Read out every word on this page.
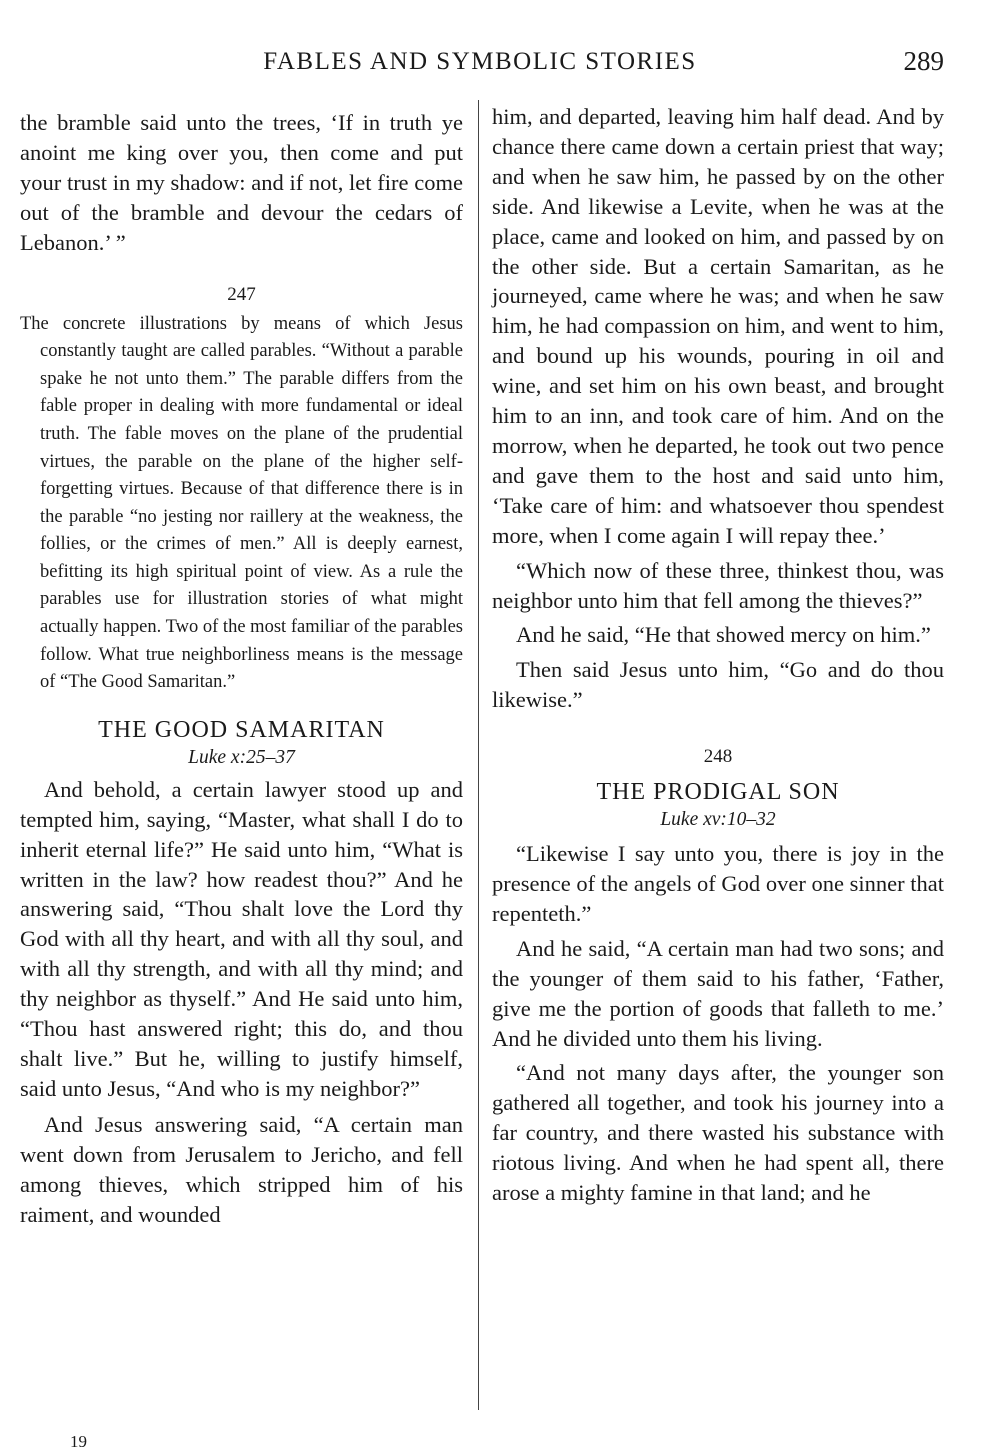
FABLES AND SYMBOLIC STORIES	289

the bramble said unto the trees, ‘If in truth ye anoint me king over you, then come and put your trust in my shadow: and if not, let fire come out of the bramble and devour the cedars of Lebanon.’ ”

247

The concrete illustrations by means of which Jesus constantly taught are called parables. “Without a parable spake he not unto them.” The parable differs from the fable proper in dealing with more fundamental or ideal truth. The fable moves on the plane of the prudential virtues, the parable on the plane of the higher self-forgetting virtues. Because of that difference there is in the parable “no jesting nor raillery at the weakness, the follies, or the crimes of men.” All is deeply earnest, befitting its high spiritual point of view. As a rule the parables use for illustration stories of what might actually happen. Two of the most familiar of the parables follow. What true neighborliness means is the message of “The Good Samaritan.”

THE GOOD SAMARITAN
Luke x:25–37

And behold, a certain lawyer stood up and tempted him, saying, “Master, what shall I do to inherit eternal life?” He said unto him, “What is written in the law? how readest thou?” And he answering said, “Thou shalt love the Lord thy God with all thy heart, and with all thy soul, and with all thy strength, and with all thy mind; and thy neighbor as thyself.” And He said unto him, “Thou hast answered right; this do, and thou shalt live.” But he, willing to justify himself, said unto Jesus, “And who is my neighbor?”

And Jesus answering said, “A certain man went down from Jerusalem to Jericho, and fell among thieves, which stripped him of his raiment, and wounded

him, and departed, leaving him half dead. And by chance there came down a certain priest that way; and when he saw him, he passed by on the other side. And likewise a Levite, when he was at the place, came and looked on him, and passed by on the other side. But a certain Samaritan, as he journeyed, came where he was; and when he saw him, he had compassion on him, and went to him, and bound up his wounds, pouring in oil and wine, and set him on his own beast, and brought him to an inn, and took care of him. And on the morrow, when he departed, he took out two pence and gave them to the host and said unto him, ‘Take care of him: and whatsoever thou spendest more, when I come again I will repay thee.’

“Which now of these three, thinkest thou, was neighbor unto him that fell among the thieves?”

And he said, “He that showed mercy on him.”

Then said Jesus unto him, “Go and do thou likewise.”

248
THE PRODIGAL SON
Luke xv:10–32

“Likewise I say unto you, there is joy in the presence of the angels of God over one sinner that repenteth.”

And he said, “A certain man had two sons; and the younger of them said to his father, ‘Father, give me the portion of goods that falleth to me.’ And he divided unto them his living.

“And not many days after, the younger son gathered all together, and took his journey into a far country, and there wasted his substance with riotous living. And when he had spent all, there arose a mighty famine in that land; and he

19
